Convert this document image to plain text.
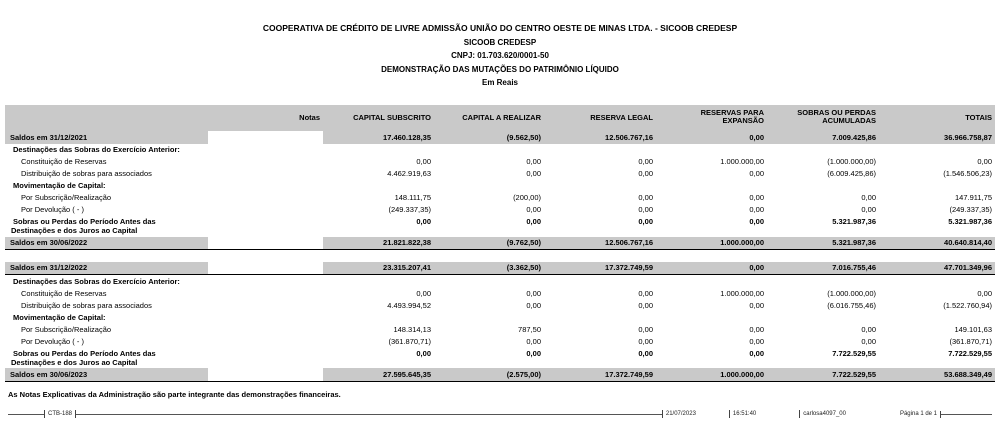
COOPERATIVA DE CRÉDITO DE LIVRE ADMISSÃO UNIÃO DO CENTRO OESTE DE MINAS LTDA. - SICOOB CREDESP
SICOOB CREDESP
CNPJ: 01.703.620/0001-50
DEMONSTRAÇÃO DAS MUTAÇÕES DO PATRIMÔNIO LÍQUIDO
Em Reais
	Notas	CAPITAL SUBSCRITO	CAPITAL A REALIZAR	RESERVA LEGAL	RESERVAS PARA EXPANSÃO	SOBRAS OU PERDAS ACUMULADAS	TOTAIS
Saldos em 31/12/2021		17.460.128,35	(9.562,50)	12.506.767,16	0,00	7.009.425,86	36.966.758,87
Destinações das Sobras do Exercício Anterior:							
Constituição de Reservas		0,00	0,00	0,00	1.000.000,00	(1.000.000,00)	0,00
Distribuição de sobras para associados		4.462.919,63	0,00	0,00	0,00	(6.009.425,86)	(1.546.506,23)
Movimentação de Capital:							
Por Subscrição/Realização		148.111,75	(200,00)	0,00	0,00	0,00	147.911,75
Por Devolução ( - )		(249.337,35)	0,00	0,00	0,00	0,00	(249.337,35)

Sobras ou Perdas do Período Antes das
Destinações e dos Juros ao Capital		0,00	0,00	0,00	0,00	5.321.987,36	5.321.987,36
Saldos em 30/06/2022		21.821.822,38	(9.762,50)	12.506.767,16	1.000.000,00	5.321.987,36	40.640.814,40

Saldos em 31/12/2022		23.315.207,41	(3.362,50)	17.372.749,59	0,00	7.016.755,46	47.701.349,96
Destinações das Sobras do Exercício Anterior:							
Constituição de Reservas		0,00	0,00	0,00	1.000.000,00	(1.000.000,00)	0,00
Distribuição de sobras para associados		4.493.994,52	0,00	0,00	0,00	(6.016.755,46)	(1.522.760,94)
Movimentação de Capital:							
Por Subscrição/Realização		148.314,13	787,50	0,00	0,00	0,00	149.101,63
Por Devolução ( - )		(361.870,71)	0,00	0,00	0,00	0,00	(361.870,71)

Sobras ou Perdas do Período Antes das
Destinações e dos Juros ao Capital		0,00	0,00	0,00	0,00	7.722.529,55	7.722.529,55
Saldos em 30/06/2023		27.595.645,35	(2.575,00)	17.372.749,59	1.000.000,00	7.722.529,55	53.688.349,49
As Notas Explicativas da Administração são parte integrante das demonstrações financeiras.
CTB-188	21/07/2023	16:51:40	carlosa4097_00	Página 1 de 1
